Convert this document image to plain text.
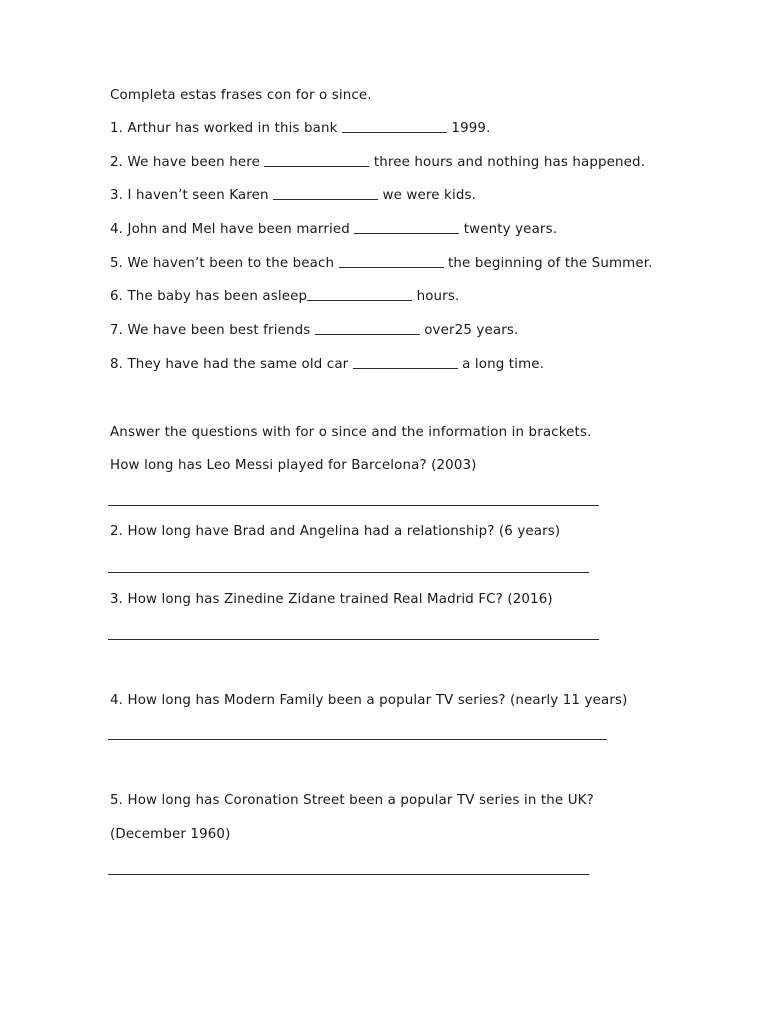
Completa estas frases con for o since.
1. Arthur has worked in this bank	1999.
2. We have been here	three hours and nothing has happened.
3. I haven’t seen Karen	we were kids.
4. John and Mel have been married	twenty years.
5. We haven’t been to the beach	the beginning of the Summer.
6. The baby has been asleep	hours.
7. We have been best friends	over25 years.
8. They have had the same old car	a long time.
Answer the questions with for o since and the information in brackets.
How long has Leo Messi played for Barcelona? (2003)
2. How long have Brad and Angelina had a relationship? (6 years)
3. How long has Zinedine Zidane trained Real Madrid FC? (2016)
4. How long has Modern Family been a popular TV series? (nearly 11 years)
5. How long has Coronation Street been a popular TV series in the UK?
(December 1960)
